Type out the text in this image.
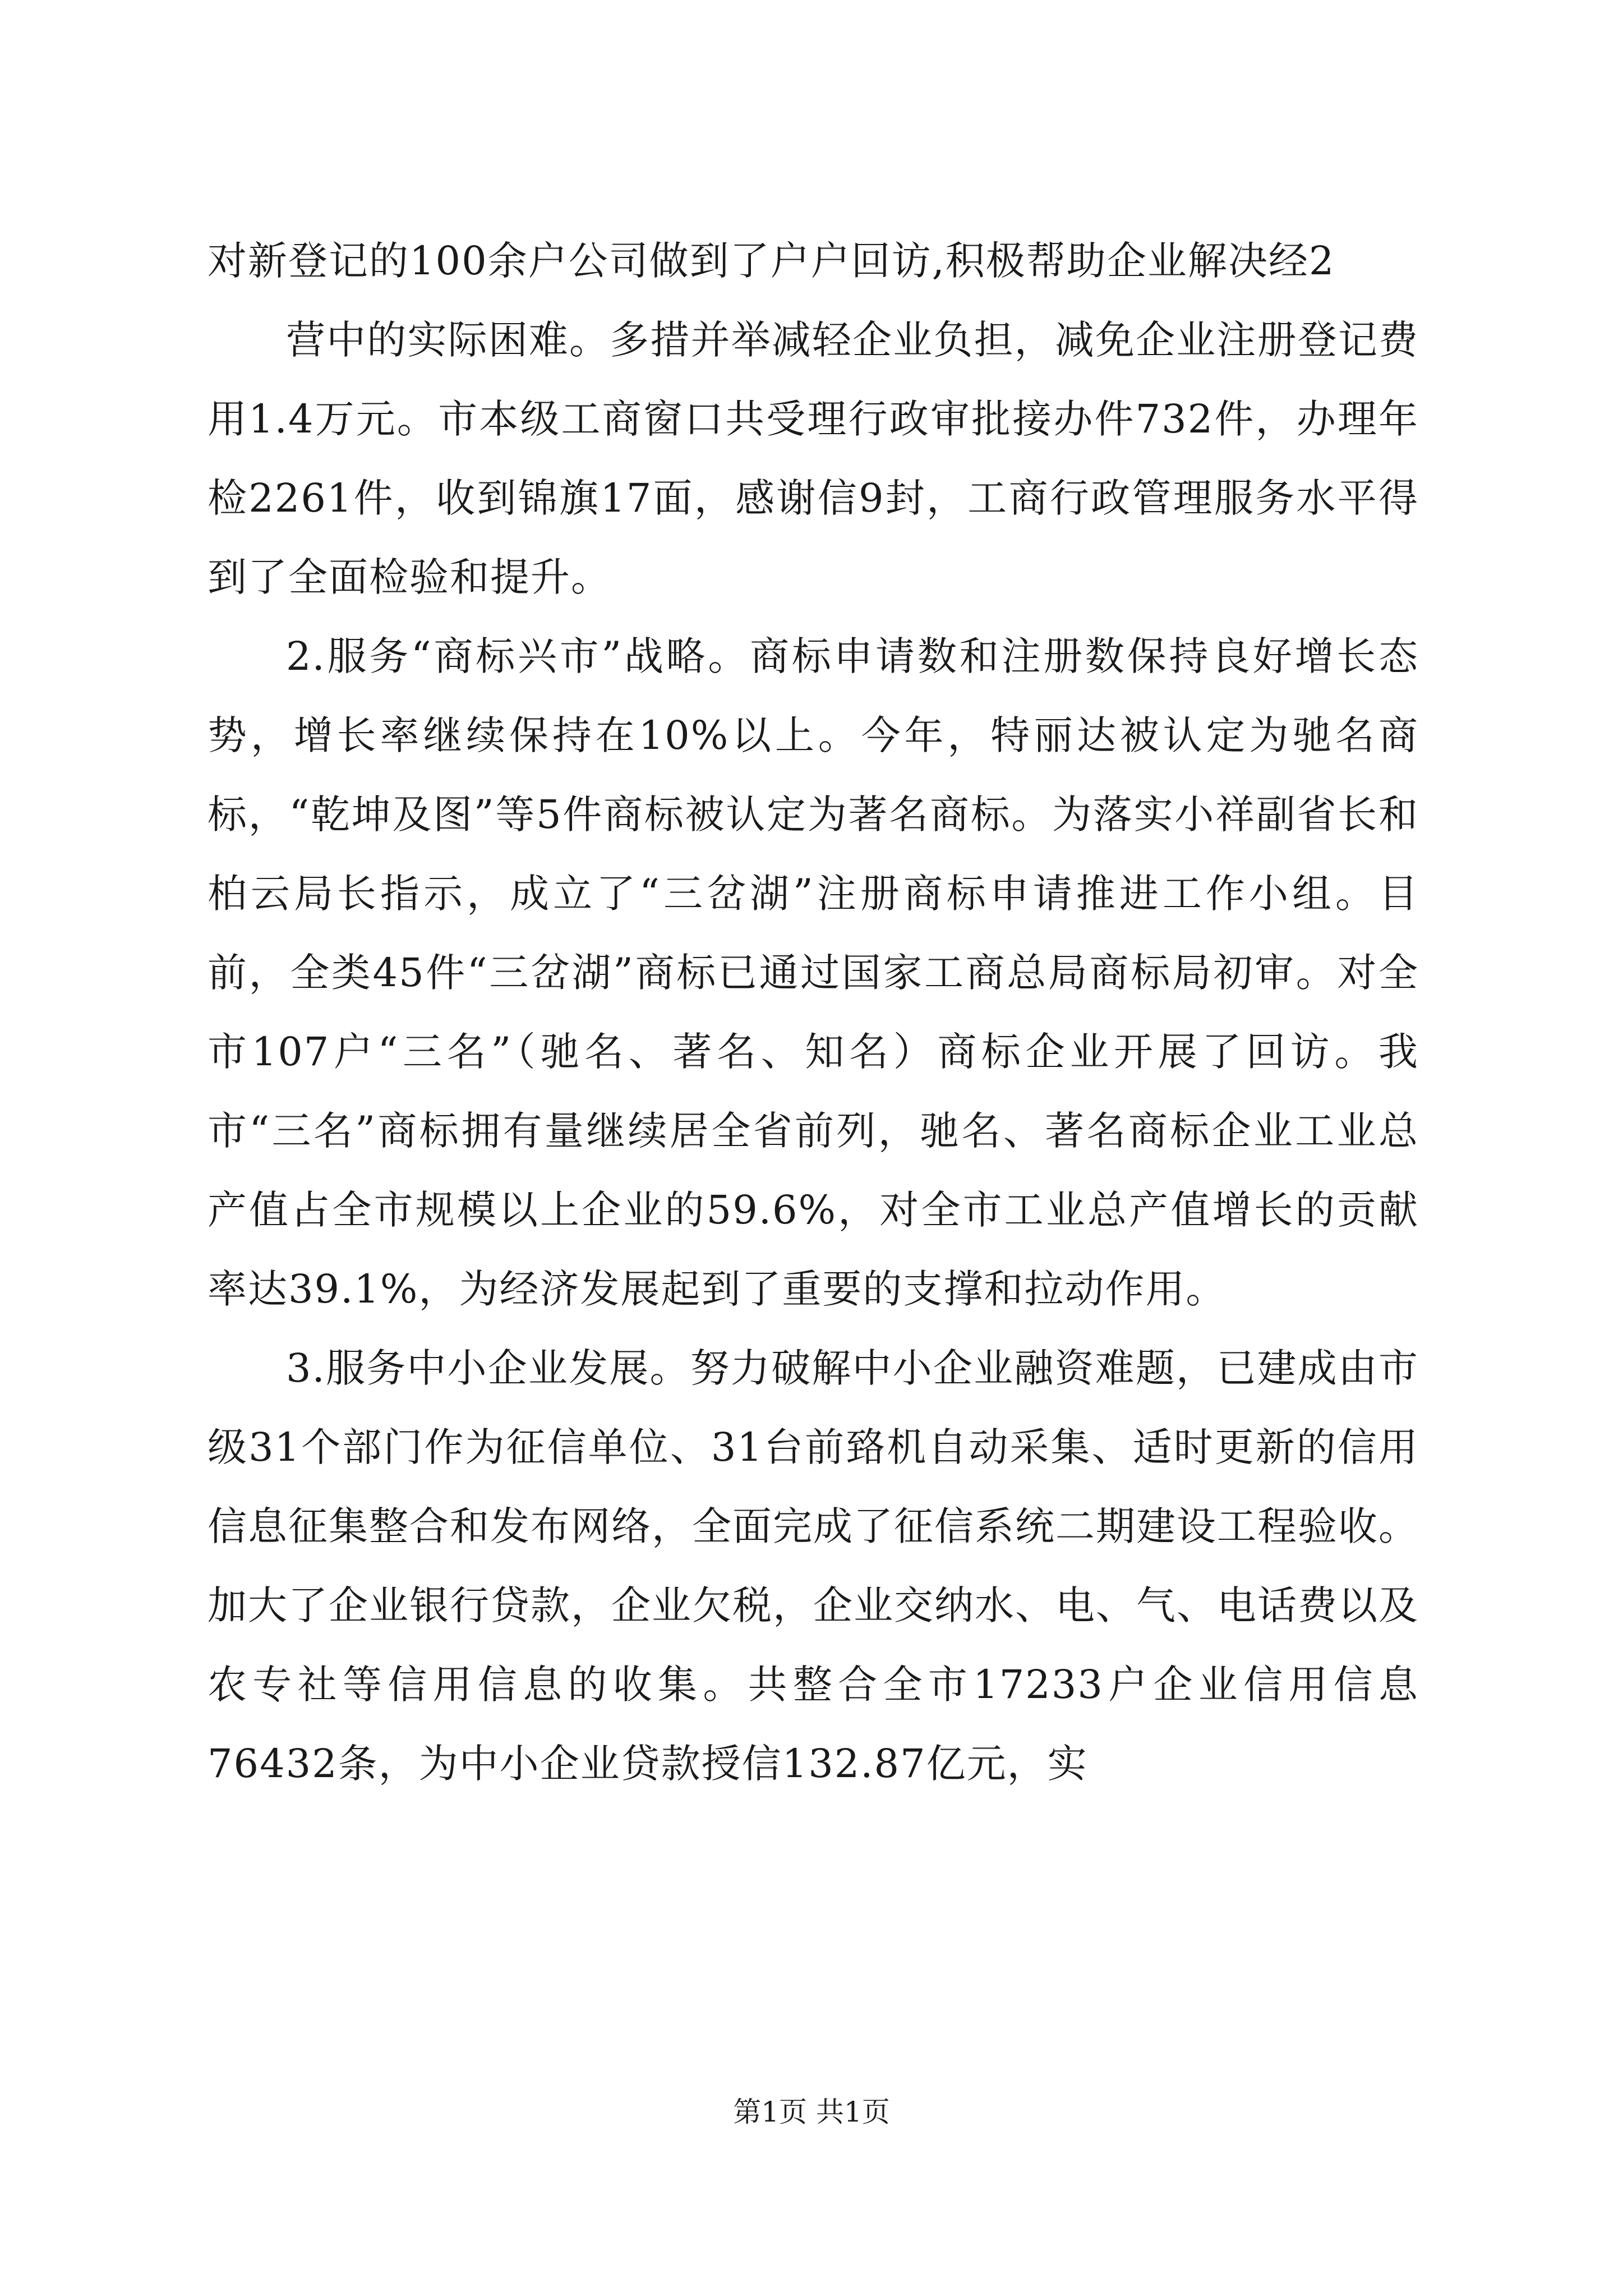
对新登记的100余户公司做到了户户回访,积极帮助企业解决经2

营中的实际困难。多措并举减轻企业负担，减免企业注册登记费用1.4万元。市本级工商窗口共受理行政审批接办件732件，办理年检2261件，收到锦旗17面，感谢信9封，工商行政管理服务水平得到了全面检验和提升。

2.服务“商标兴市”战略。商标申请数和注册数保持良好增长态势，增长率继续保持在10%以上。今年，特丽达被认定为驰名商标，“乾坤及图”等5件商标被认定为著名商标。为落实小祥副省长和柏云局长指示，成立了“三岔湖”注册商标申请推进工作小组。目前，全类45件“三岔湖”商标已通过国家工商总局商标局初审。对全市107户“三名”（驰名、著名、知名）商标企业开展了回访。我市“三名”商标拥有量继续居全省前列，驰名、著名商标企业工业总产值占全市规模以上企业的59.6%，对全市工业总产值增长的贡献率达39.1%，为经济发展起到了重要的支撑和拉动作用。

3.服务中小企业发展。努力破解中小企业融资难题，已建成由市级31个部门作为征信单位、31台前臵机自动采集、适时更新的信用信息征集整合和发布网络，全面完成了征信系统二期建设工程验收。加大了企业银行贷款，企业欠税，企业交纳水、电、气、电话费以及农专社等信用信息的收集。共整合全市17233户企业信用信息76432条，为中小企业贷款授信132.87亿元，实

第1页 共1页
